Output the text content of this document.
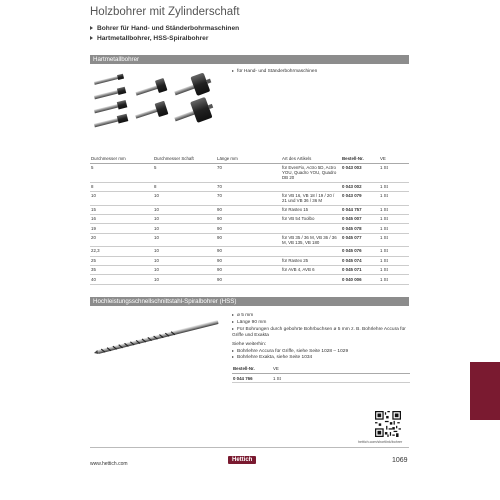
Holzbohrer mit Zylinderschaft
Bohrer für Hand- und Ständerbohrmaschinen
Hartmetallbohrer, HSS-Spiralbohrer
Hartmetallbohrer
für Hand- und Ständerbohrmaschinen
Durchmesser mm	Durchmesser Schaft	Länge mm	Art des Artikels	Bestell-Nr.	VE
5	5	70	für EvenFix, Actro 5D, Actro YOU, Quadro YOU, Quadro DB 20	0 043 003	1 St
8	8	70		0 043 002	1 St
10	10	70	für VB 16, VB 18 / 19 / 20 / 21 und VB 36 / 36 M	0 043 079	1 St
15	10	90	für Rastex 15	0 044 757	1 St
16	10	90	für VB 54 Toolbo	0 045 007	1 St
19	10	90		0 045 078	1 St
20	10	90	für VB 35 / 36 M, VB 36 / 36 M, VB 135, VB 180	0 045 077	1 St
22,3	10	90		0 045 076	1 St
25	10	90	für Rastex 25	0 045 074	1 St
35	10	90	für AVB 4, AVB 6	0 045 071	1 St
40	10	90		0 040 006	1 St
Hochleistungsschnellschnittstahl-Spiralbohrer (HSS)
ø 5 mm
Länge 90 mm
Für Bohrungen durch gebohrte Bohrbuchsen ø 5 mm z. B. Bohrlehre Accura für Griffe und Exakta
Siehe weiterhin:
Bohrlehre Accura für Griffe, siehe Seite 1028 – 1029
Bohrlehre Exakta, siehe Seite 1034
Bestell-Nr.	VE
0 044 766	1 St
hettich.com/shortlink/bohrer
www.hettich.com
Hettich	1069
